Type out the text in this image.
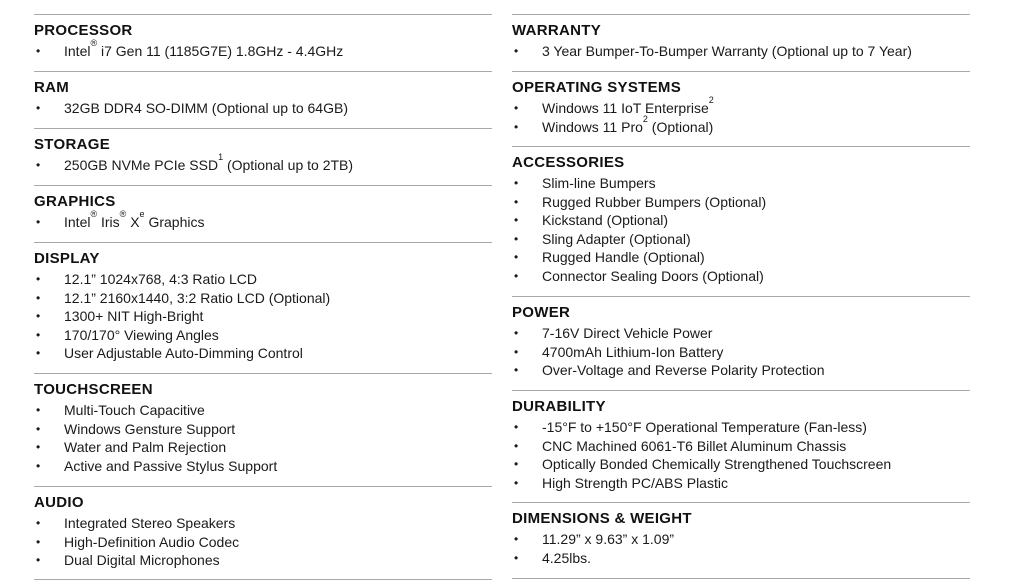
PROCESSOR
• Intel® i7 Gen 11 (1185G7E) 1.8GHz - 4.4GHz
RAM
• 32GB DDR4 SO-DIMM (Optional up to 64GB)
STORAGE
• 250GB NVMe PCIe SSD$^1$ (Optional up to 2TB)
GRAPHICS
• Intel® Iris® Xe Graphics
DISPLAY
• 12.1” 1024x768, 4:3 Ratio LCD
• 12.1” 2160x1440, 3:2 Ratio LCD (Optional)
• 1300+ NIT High-Bright
• 170/170° Viewing Angles
• User Adjustable Auto-Dimming Control
TOUCHSCREEN
• Multi-Touch Capacitive
• Windows Gensture Support
• Water and Palm Rejection
• Active and Passive Stylus Support
AUDIO
• Integrated Stereo Speakers
• High-Definition Audio Codec
• Dual Digital Microphones
WARRANTY
• 3 Year Bumper-To-Bumper Warranty (Optional up to 7 Year)
OPERATING SYSTEMS
• Windows 11 IoT Enterprise$^2$
• Windows 11 Pro$^2$ (Optional)
ACCESSORIES
• Slim-line Bumpers
• Rugged Rubber Bumpers (Optional)
• Kickstand (Optional)
• Sling Adapter (Optional)
• Rugged Handle (Optional)
• Connector Sealing Doors (Optional)
POWER
• 7-16V Direct Vehicle Power
• 4700mAh Lithium-Ion Battery
• Over-Voltage and Reverse Polarity Protection
DURABILITY
• -15°F to +150°F Operational Temperature (Fan-less)
• CNC Machined 6061-T6 Billet Aluminum Chassis
• Optically Bonded Chemically Strengthened Touchscreen
• High Strength PC/ABS Plastic
DIMENSIONS & WEIGHT
• 11.29” x 9.63” x 1.09”
• 4.25lbs.
